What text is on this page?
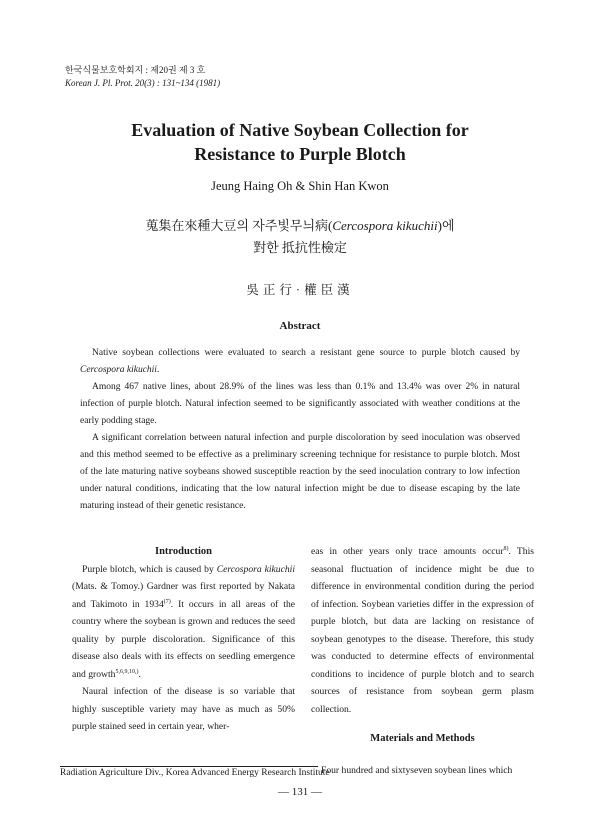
한국식물보호학회지 : 제20권 제 3 호
Korean J. Pl. Prot. 20(3) : 131~134 (1981)
Evaluation of Native Soybean Collection for
Resistance to Purple Blotch
Jeung Haing Oh & Shin Han Kwon
蒐集在來種大豆의 자주빛무늬病(Cercospora kikuchii)에
對한 抵抗性檢定
吳正行·權臣漢
Abstract

Native soybean collections were evaluated to search a resistant gene source to purple blotch caused by Cercospora kikuchii.

Among 467 native lines, about 28.9% of the lines was less than 0.1% and 13.4% was over 2% in natural infection of purple blotch. Natural infection seemed to be significantly associated with weather conditions at the early podding stage.

A significant correlation between natural infection and purple discoloration by seed inoculation was observed and this method seemed to be effective as a preliminary screening technique for resistance to purple blotch. Most of the late maturing native soybeans showed susceptible reaction by the seed inoculation contrary to low infection under natural conditions, indicating that the low natural infection might be due to disease escaping by the late maturing instead of their genetic resistance.

Introduction

Purple blotch, which is caused by Cercospora kikuchii (Mats. & Tomoy.) Gardner was first reported by Nakata and Takimoto in 1934$^{(7)}$. It occurs in all areas of the country where the soybean is grown and reduces the seed quality by purple discoloration. Significance of this disease also deals with its effects on seedling emergence and growth$^{5,6,9,10,)}$.

Naural infection of the disease is so variable that highly susceptible variety may have as much as 50% purple stained seed in certain year, wher-

eas in other years only trace amounts occur$^{8)}$. This seasonal fluctuation of incidence might be due to difference in environmental condition during the period of infection. Soybean varieties differ in the expression of purple blotch, but data are lacking on resistance of soybean genotypes to the disease. Therefore, this study was conducted to determine effects of environmental conditions to incidence of purple blotch and to search sources of resistance from soybean germ plasm collection.

Materials and Methods

Four hundred and sixtyseven soybean lines which

Radiation Agriculture Div., Korea Advanced Energy Research Institute
— 131 —
